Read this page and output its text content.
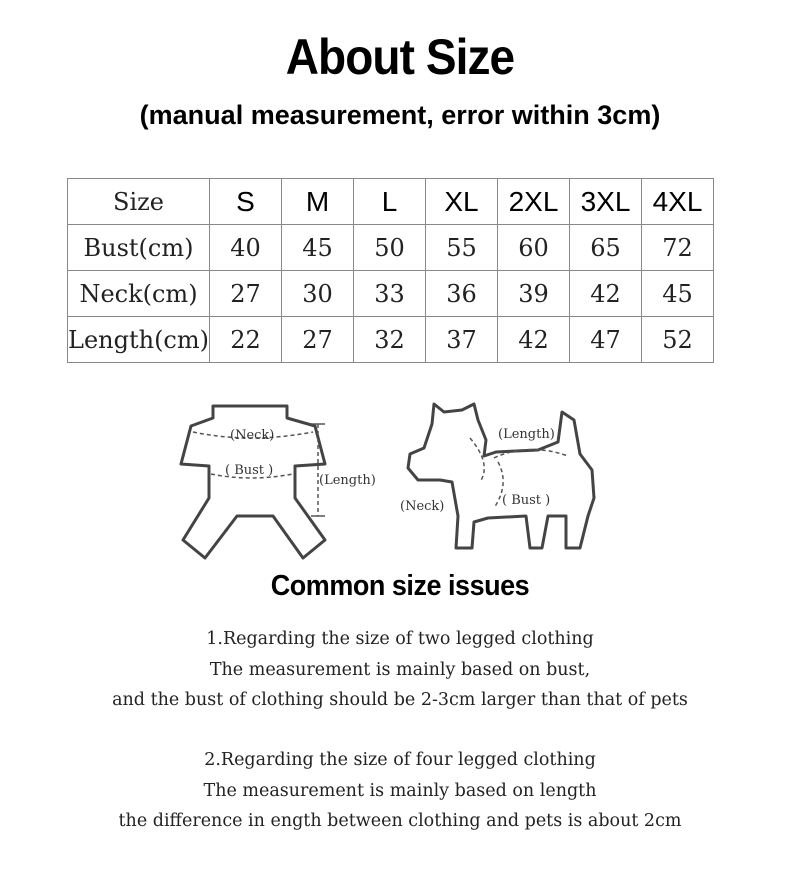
About Size
(manual measurement, error within 3cm)
Size	S	M	L	XL	2XL	3XL	4XL
Bust(cm)	40	45	50	55	60	65	72
Neck(cm)	27	30	33	36	39	42	45
Length(cm)	22	27	32	37	42	47	52
(Neck)
( Bust )
(Length)
(Length)
(Neck)	( Bust )
Common size issues

1.Regarding the size of two legged clothing

The measurement is mainly based on bust,

and the bust of clothing should be 2-3cm larger than that of pets

2.Regarding the size of four legged clothing

The measurement is mainly based on length

the difference in ength between clothing and pets is about 2cm
